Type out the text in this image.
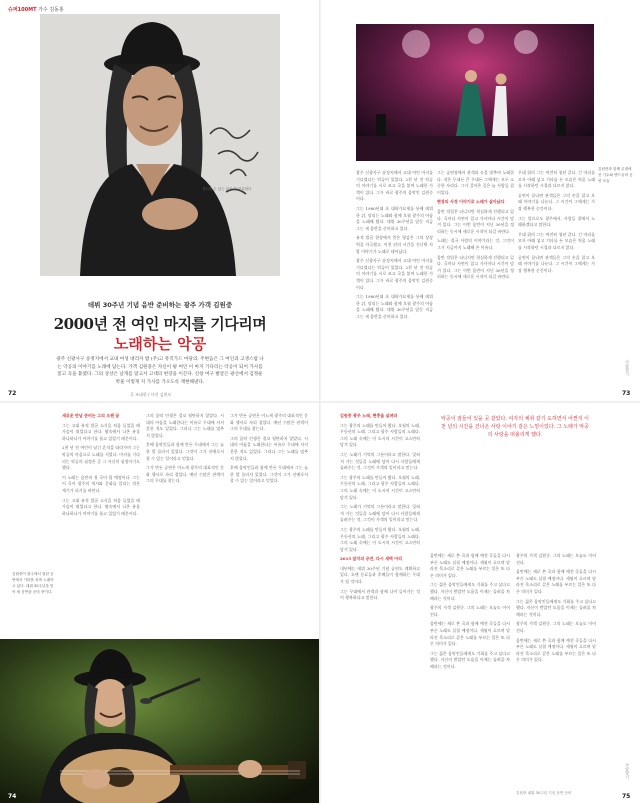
슈퍼100MT 가수 김동홍
정신을 수 있는 삶은 참 아름답다
데뷔 30주년 기념 음반 준비하는 광주 가객 김원중
2000년 전 여인 마지를 기다리며
노래하는 악공
광주 신광사구 송정지에서 교내 여성 대리자 밥 (주)고 뮤직가드 마당의. 주변음은 그 여인과 고생스럽 나는 악공의 이야기를 노래에 담는다. 가객 김원중은 자신이 평 여인 이 마지 기다리는 악공이 되어 가사를 읽고 곡을 붙였다. 그의 상상은 날개를 달고서 고대의 현장을 이끈다. 신창 여구 발굴은 광산에서 김정운 박물 이렇게 지 가사를 가오도록 재현해낸다.
72	글 조대현 / 사진 김현모
김원중과 함께 무대에 선 가수와 밴드들의 공연 모습

광주 신광사구 송정지에서 고대 여인 마지를 기다렸다는 악공이 있었다. 2천 년 전 악공의 이야기를 시로 쓰고 곡을 붙여 노래한 가객이 있다. 그가 바로 광주의 음악인 김원중이다.

그는 1980년대 초 대학가요제를 통해 데뷔한 뒤, 달리는 노래와 함께 오월 광주의 아픔을 노래해 왔다. 데뷔 30주년을 앞둔 지금 그는 새 음반을 준비하고 있다.

유적 발굴 현장에서 얻은 영감은 그의 상상력을 자극했고, 이천 년의 시간을 건너뛴 사랑 이야기가 노래로 태어났다.

광주 신광사구 송정지에서 고대 여인 마지를 기다렸다는 악공이 있었다. 2천 년 전 악공의 이야기를 시로 쓰고 곡을 붙여 노래한 가객이 있다. 그가 바로 광주의 음악인 김원중이다.

그는 1980년대 초 대학가요제를 통해 데뷔한 뒤, 달리는 노래와 함께 오월 광주의 아픔을 노래해 왔다. 데뷔 30주년을 앞둔 지금 그는 새 음반을 준비하고 있다.

그는 공연장에서 관객과 눈을 맞추며 노래한다. 작은 무대든 큰 무대든 그에게는 모두 소중한 자리다. 그가 걸어온 길은 늘 사람들 곁이었다.

현장의 사정 이야기로 노래가 살아났다

음반 작업은 더디지만 착실하게 진행되고 있다. 곡마다 사연이 있고 가사마다 시간이 담겨 있다. 그는 이번 음반이 지난 30년을 정리하는 동시에 새로운 시작이 되길 바란다.

노래는 결국 사람의 이야기라는 것, 그것이 그가 지금까지 노래해 온 이유다.

음반 작업은 더디지만 착실하게 진행되고 있다. 곡마다 사연이 있고 가사마다 시간이 담겨 있다. 그는 이번 음반이 지난 30년을 정리하는 동시에 새로운 시작이 되길 바란다.

무대 위의 그는 여전히 청년 같다. 긴 머리를 모자 아래 넣고 기타를 든 모습은 처음 노래를 시작하던 시절과 다르지 않다.

공연이 끝나면 관객들은 그의 손을 잡고 오래 이야기를 나눈다. 그 시간이 그에게는 가장 행복한 순간이다.

그는 앞으로도 광주에서, 사람들 곁에서 노래하겠다고 말한다.

무대 위의 그는 여전히 청년 같다. 긴 머리를 모자 아래 넣고 기타를 든 모습은 처음 노래를 시작하던 시절과 다르지 않다.

공연이 끝나면 관객들은 그의 손을 잡고 오래 이야기를 나눈다. 그 시간이 그에게는 가장 행복한 순간이다.

사람향기
73
김원중이 광주에서 열린 공연에서 기타를 치며 노래하고 있다. 데뷔 30주년을 맞아 새 음반을 준비 중이다.

새로운 만남 준비는 그의 오랜 꿈

그는 고대 유적 발굴 소식을 처음 들었을 때 가슴이 뛰었다고 한다. 땅속에서 나온 유물 하나하나가 이야기를 품고 있었기 때문이다.

2천 년 전 여인이 남긴 흔적을 따라가며 그는 악공의 마음으로 노래를 지었다. 마지를 기다리는 악공의 심정은 곧 그 자신의 심정이기도 했다.

이 노래는 음반의 첫 곡이 될 예정이다. 그는 이 곡이 광주의 역사와 문화를 알리는 작은 계기가 되기를 바란다.

그는 고대 유적 발굴 소식을 처음 들었을 때 가슴이 뛰었다고 한다. 땅속에서 나온 유물 하나하나가 이야기를 품고 있었기 때문이다.

그의 음악 인생은 결코 평탄하지 않았다. 시대의 아픔을 노래한다는 이유로 무대에 서지 못한 적도 있었다. 그러나 그는 노래를 멈추지 않았다.

후배 음악인들과 함께 만든 무대에서 그는 늘 한 발 물러서 있었다. 그것이 그가 선배로서 할 수 있는 일이라고 믿었다.

그가 만든 공연은 어느새 광주의 대표적인 문화 행사로 자리 잡았다. 매년 수많은 관객이 그의 무대를 찾는다.

그가 만든 공연은 어느새 광주의 대표적인 문화 행사로 자리 잡았다. 매년 수많은 관객이 그의 무대를 찾는다.

그의 음악 인생은 결코 평탄하지 않았다. 시대의 아픔을 노래한다는 이유로 무대에 서지 못한 적도 있었다. 그러나 그는 노래를 멈추지 않았다.

후배 음악인들과 함께 만든 무대에서 그는 늘 한 발 물러서 있었다. 그것이 그가 선배로서 할 수 있는 일이라고 믿었다.

74

김원중 광주 노래, 현충을 살펴라

그는 광주의 노래를 만들어 왔다. 오월의 노래, 무등산의 노래, 그리고 광주 사람들의 노래다. 그의 노래 속에는 이 도시의 시간이 고스란히 담겨 있다.

그는 노래가 기억의 그릇이라고 말한다. 잊혀져 가는 것들을 노래에 담아 다시 사람들에게 돌려주는 것, 그것이 가객의 일이라고 믿는다.

그는 광주의 노래를 만들어 왔다. 오월의 노래, 무등산의 노래, 그리고 광주 사람들의 노래다. 그의 노래 속에는 이 도시의 시간이 고스란히 담겨 있다.

그는 노래가 기억의 그릇이라고 말한다. 잊혀져 가는 것들을 노래에 담아 다시 사람들에게 돌려주는 것, 그것이 가객의 일이라고 믿는다.

그는 광주의 노래를 만들어 왔다. 오월의 노래, 무등산의 노래, 그리고 광주 사람들의 노래다. 그의 노래 속에는 이 도시의 시간이 고스란히 담겨 있다.

2015 앞지의 공연, 다시 새벽 아리

내년에는 데뷔 30주년 기념 공연도 계획하고 있다. 오랜 동료들과 후배들이 함께하는 무대가 될 것이다.

그는 무대에서 관객과 함께 나이 들어가는 것이 행복하다고 말한다.

악공이 잠들어 있을 곳 같았다. 여자의 체취 같기 도하면서 어쩐지 이천 년의 시간을 건너온 사랑 이야기 같은 느낌이었다. 그 노래가 악공의 사랑을 떠올리게 했다.

음반에는 새로 쓴 곡과 함께 예전 곡들을 다시 부른 노래도 실릴 예정이다. 세월이 흐르며 달라진 목소리로 같은 노래를 부르는 일은 또 다른 의미가 있다.

그는 젊은 음악인들에게도 기회를 주고 싶다고 했다. 자신이 받았던 도움을 이제는 돌려줄 차례라는 것이다.

광주의 가객 김원중. 그의 노래는 오늘도 이어진다.

음반에는 새로 쓴 곡과 함께 예전 곡들을 다시 부른 노래도 실릴 예정이다. 세월이 흐르며 달라진 목소리로 같은 노래를 부르는 일은 또 다른 의미가 있다.

그는 젊은 음악인들에게도 기회를 주고 싶다고 했다. 자신이 받았던 도움을 이제는 돌려줄 차례라는 것이다.

광주의 가객 김원중. 그의 노래는 오늘도 이어진다.

음반에는 새로 쓴 곡과 함께 예전 곡들을 다시 부른 노래도 실릴 예정이다. 세월이 흐르며 달라진 목소리로 같은 노래를 부르는 일은 또 다른 의미가 있다.

그는 젊은 음악인들에게도 기회를 주고 싶다고 했다. 자신이 받았던 도움을 이제는 돌려줄 차례라는 것이다.

광주의 가객 김원중. 그의 노래는 오늘도 이어진다.

음반에는 새로 쓴 곡과 함께 예전 곡들을 다시 부른 노래도 실릴 예정이다. 세월이 흐르며 달라진 목소리로 같은 노래를 부르는 일은 또 다른 의미가 있다.

김원중 데뷔 30주년 기념 음반 준비
사람향기
75
